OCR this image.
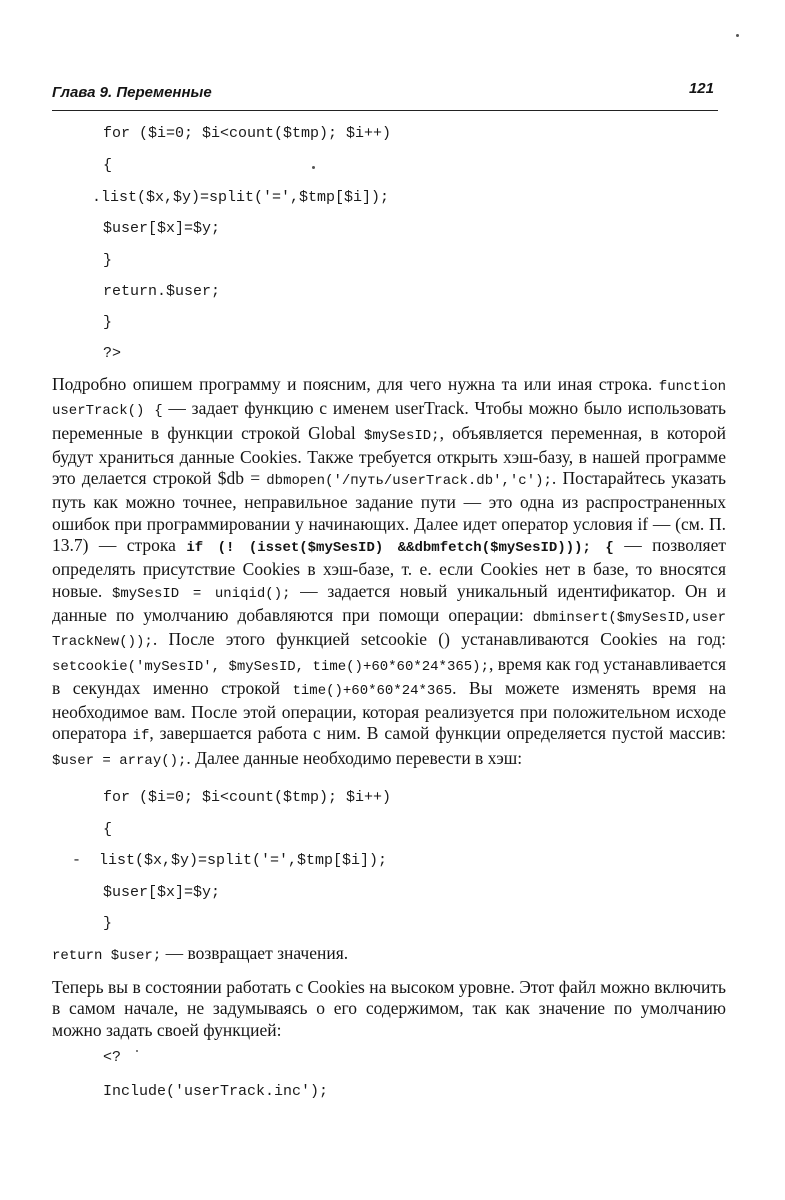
Глава 9. Переменные	121
for ($i=0; $i<count($tmp); $i++)
{
.list($x,$y)=split('=',$tmp[$i]);
$user[$x]=$y;
}
return.$user;
}
?>

Подробно опишем программу и поясним, для чего нужна та или иная строка. function userTrack() { — задает функцию с именем userTrack. Чтобы можно было использовать переменные в функции строкой Global $mySesID;, объявляется переменная, в которой будут храниться данные Cookies. Также требуется открыть хэш-базу, в нашей программе это делается строкой $db = dbmopen('/путь/userTrack.db','c');. Постарайтесь указать путь как можно точнее, неправильное задание пути — это одна из распространенных ошибок при программировании у начинающих. Далее идет оператор условия if — (см. П. 13.7) — строка if (! (isset($mySesID) &&dbmfetch($mySesID))); { — позволяет определять присутствие Cookies в хэш-базе, т. е. если Cookies нет в базе, то вносятся новые. $mySesID = uniqid(); — задается новый уникальный идентификатор. Он и данные по умолчанию добавляются при помощи операции: dbminsert($mySesID,user TrackNew());. После этого функцией setcookie () устанавливаются Cookies на год: setcookie('mySesID', $mySesID, time()+60*60*24*365);, время как год устанавливается в секундах именно строкой time()+60*60*24*365. Вы можете изменять время на необходимое вам. После этой операции, которая реализуется при положительном исходе оператора if, завершается работа с ним. В самой функции определяется пустой массив: $user = array();. Далее данные необходимо перевести в хэш:

for ($i=0; $i<count($tmp); $i++)
{
-  list($x,$y)=split('=',$tmp[$i]);
$user[$x]=$y;
}

return $user; — возвращает значения.

Теперь вы в состоянии работать с Cookies на высоком уровне. Этот файл можно включить в самом начале, не задумываясь о его содержимом, так как значение по умолчанию можно задать своей функцией:

<?
Include('userTrack.inc');
